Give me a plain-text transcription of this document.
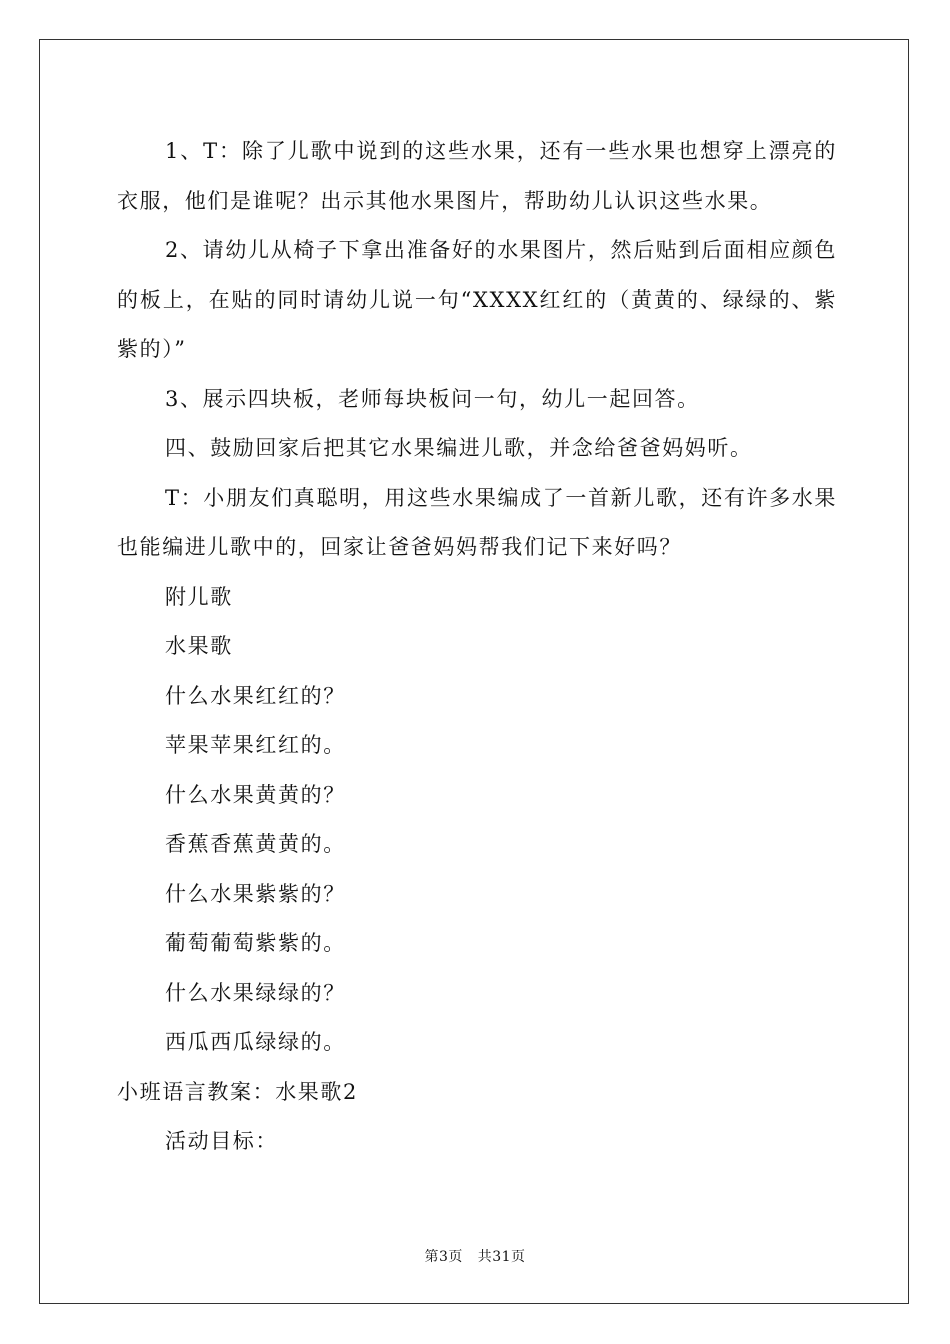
1、T：除了儿歌中说到的这些水果，还有一些水果也想穿上漂亮的衣服，他们是谁呢？出示其他水果图片，帮助幼儿认识这些水果。

2、请幼儿从椅子下拿出准备好的水果图片，然后贴到后面相应颜色的板上，在贴的同时请幼儿说一句“XXXX红红的（黄黄的、绿绿的、紫紫的）”

3、展示四块板，老师每块板问一句，幼儿一起回答。

四、鼓励回家后把其它水果编进儿歌，并念给爸爸妈妈听。

T：小朋友们真聪明，用这些水果编成了一首新儿歌，还有许多水果也能编进儿歌中的，回家让爸爸妈妈帮我们记下来好吗？

附儿歌

水果歌

什么水果红红的？

苹果苹果红红的。

什么水果黄黄的？

香蕉香蕉黄黄的。

什么水果紫紫的？

葡萄葡萄紫紫的。

什么水果绿绿的？

西瓜西瓜绿绿的。

小班语言教案：水果歌2

活动目标：

第3页   共31页
